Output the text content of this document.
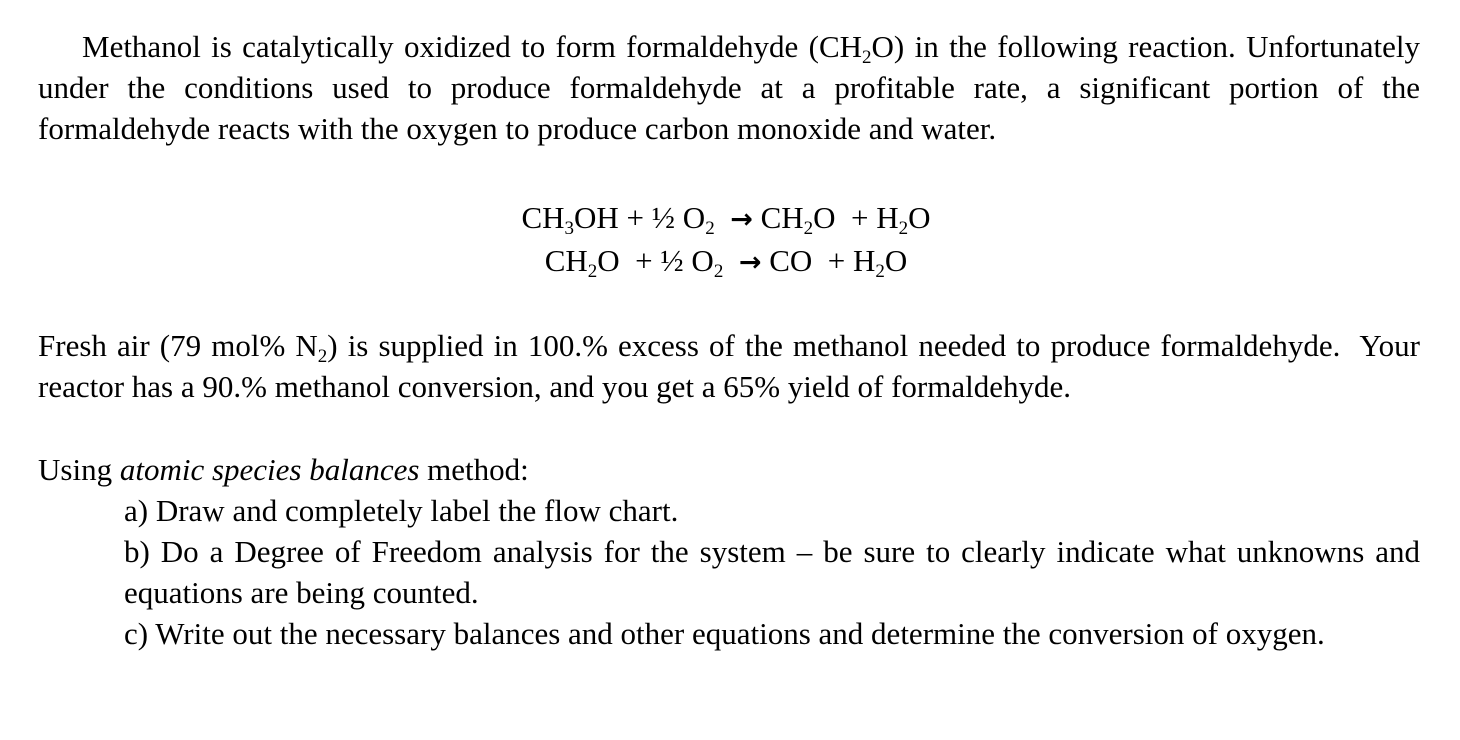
Methanol is catalytically oxidized to form formaldehyde $(CH_2O)$ in the following reaction. Unfortunately under the conditions used to produce formaldehyde at a profitable rate, a significant portion of the formaldehyde reacts with the oxygen to produce carbon monoxide and water.

$CH_3OH$ + ½ $O_2 \to CH_2O + H_2O$
$CH_2O$  + ½ $O_2$ → CO  + $H_2O$

Fresh air (79 mol% $N_2$) is supplied in 100.% excess of the methanol needed to produce formaldehyde.  Your reactor has a 90.% methanol conversion, and you get a 65% yield of formaldehyde.

Using atomic species balances method:

a) Draw and completely label the flow chart.

b) Do a Degree of Freedom analysis for the system – be sure to clearly indicate what unknowns and equations are being counted.

c) Write out the necessary balances and other equations and determine the conversion of oxygen.
